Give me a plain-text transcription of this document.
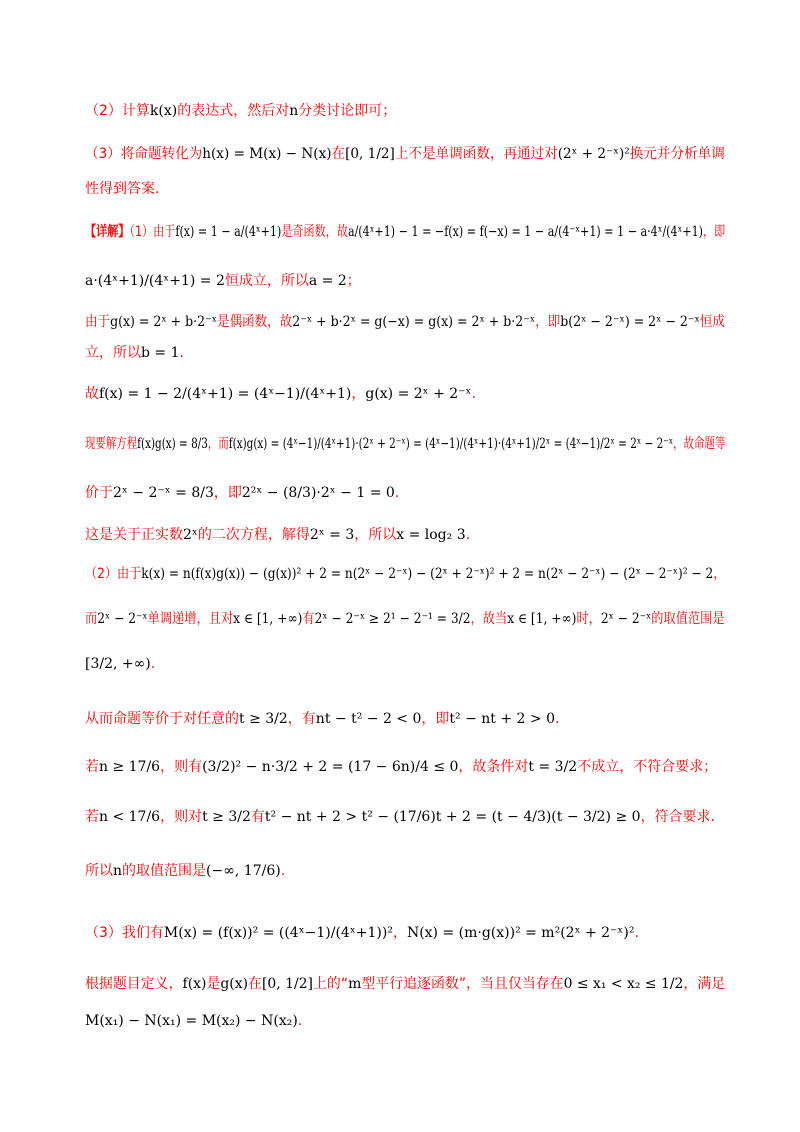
（2）计算k(x)的表达式，然后对n分类讨论即可；
（3）将命题转化为h(x) = M(x) − N(x)在[0, 1/2]上不是单调函数，再通过对(2ˣ + 2⁻ˣ)²换元并分析单调
性得到答案.
【详解】（1）由于f(x) = 1 − a/(4ˣ+1)是奇函数，故a/(4ˣ+1) − 1 = −f(x) = f(−x) = 1 − a/(4⁻ˣ+1) = 1 − a·4ˣ/(4ˣ+1)，即
a·(4ˣ+1)/(4ˣ+1) = 2恒成立，所以a = 2；
由于g(x) = 2ˣ + b·2⁻ˣ是偶函数，故2⁻ˣ + b·2ˣ = g(−x) = g(x) = 2ˣ + b·2⁻ˣ，即b(2ˣ − 2⁻ˣ) = 2ˣ − 2⁻ˣ恒成
立，所以b = 1.
故f(x) = 1 − 2/(4ˣ+1) = (4ˣ−1)/(4ˣ+1)，g(x) = 2ˣ + 2⁻ˣ.
现要解方程f(x)g(x) = 8/3，而f(x)g(x) = (4ˣ−1)/(4ˣ+1)·(2ˣ + 2⁻ˣ) = (4ˣ−1)/(4ˣ+1)·(4ˣ+1)/2ˣ = (4ˣ−1)/2ˣ = 2ˣ − 2⁻ˣ，故命题等
价于2ˣ − 2⁻ˣ = 8/3，即2²ˣ − (8/3)·2ˣ − 1 = 0.
这是关于正实数2ˣ的二次方程，解得2ˣ = 3，所以x = log₂ 3.
（2）由于k(x) = n(f(x)g(x)) − (g(x))² + 2 = n(2ˣ − 2⁻ˣ) − (2ˣ + 2⁻ˣ)² + 2 = n(2ˣ − 2⁻ˣ) − (2ˣ − 2⁻ˣ)² − 2，
而2ˣ − 2⁻ˣ单调递增，且对x ∈ [1, +∞)有2ˣ − 2⁻ˣ ≥ 2¹ − 2⁻¹ = 3/2，故当x ∈ [1, +∞)时，2ˣ − 2⁻ˣ的取值范围是
[3/2, +∞).
从而命题等价于对任意的t ≥ 3/2，有nt − t² − 2 < 0，即t² − nt + 2 > 0.
若n ≥ 17/6，则有(3/2)² − n·3/2 + 2 = (17 − 6n)/4 ≤ 0，故条件对t = 3/2不成立，不符合要求；
若n < 17/6，则对t ≥ 3/2有t² − nt + 2 > t² − (17/6)t + 2 = (t − 4/3)(t − 3/2) ≥ 0，符合要求.
所以n的取值范围是(−∞, 17/6).
（3）我们有M(x) = (f(x))² = ((4ˣ−1)/(4ˣ+1))²，N(x) = (m·g(x))² = m²(2ˣ + 2⁻ˣ)².
根据题目定义，f(x)是g(x)在[0, 1/2]上的“m型平行追逐函数”，当且仅当存在0 ≤ x₁ < x₂ ≤ 1/2，满足
M(x₁) − N(x₁) = M(x₂) − N(x₂).
